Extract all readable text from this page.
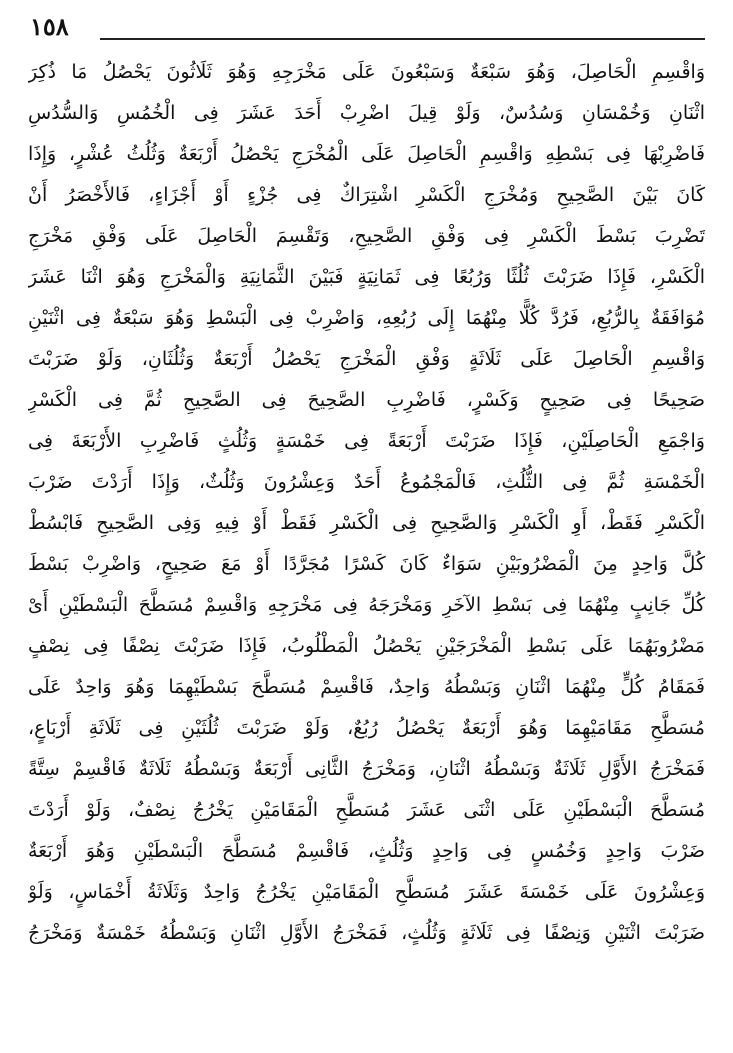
١٥٨
وَاقْسِمِ الْحَاصِلَ، وَهُوَ سَبْعَةٌ وَسَبْعُونَ عَلَى مَخْرَجِهِ وَهُوَ ثَلَاثُونَ يَحْصُلُ مَا ذُكِرَ
اثْنَانِ وَخُمْسَانِ وَسُدُسٌ، وَلَوْ قِيلَ اضْرِبْ أَحَدَ عَشَرَ فِى الْخُمُسِ وَالسُّدُسِ
فَاضْرِبْهَا فِى بَسْطِهِ وَاقْسِمِ الْحَاصِلَ عَلَى الْمُخْرَجِ يَحْصُلُ أَرْبَعَةٌ وَثُلُثُ عُشْرٍ، وَإِذَا
كَانَ بَيْنَ الصَّحِيحِ وَمُخْرَجِ الْكَسْرِ اشْتِرَاكٌ فِى جُزْءٍ أَوْ أَجْزَاءٍ، فَالأَخْصَرُ أَنْ
تَضْرِبَ بَسْطَ الْكَسْرِ فِى وَفْقِ الصَّحِيحِ، وَتَقْسِمَ الْحَاصِلَ عَلَى وَفْقِ مَخْرَجِ
الْكَسْرِ، فَإِذَا ضَرَبْتَ ثُلُثًا وَرُبُعًا فِى ثَمَانِيَةٍ فَبَيْنَ الثَّمَانِيَةِ وَالْمَخْرَجِ وَهُوَ اثْنَا عَشَرَ
مُوَافَقَةٌ بِالرُّبُعِ، فَرُدَّ كُلًّا مِنْهُمَا إِلَى رُبُعِهِ، وَاضْرِبْ فِى الْبَسْطِ وَهُوَ سَبْعَةٌ فِى اثْنَيْنِ
وَاقْسِمِ الْحَاصِلَ عَلَى ثَلَاثَةٍ وَفْقِ الْمَخْرَجِ يَحْصُلُ أَرْبَعَةٌ وَثُلُثَانِ، وَلَوْ ضَرَبْتَ
صَحِيحًا فِى صَحِيحٍ وَكَسْرٍ، فَاضْرِبِ الصَّحِيحَ فِى الصَّحِيحِ ثُمَّ فِى الْكَسْرِ
وَاجْمَعِ الْحَاصِلَيْنِ، فَإِذَا ضَرَبْتَ أَرْبَعَةً فِى خَمْسَةٍ وَثُلُثٍ فَاضْرِبِ الأَرْبَعَةَ فِى
الْخَمْسَةِ ثُمَّ فِى الثُّلُثِ، فَالْمَجْمُوعُ أَحَدٌ وَعِشْرُونَ وَثُلُثٌ، وَإِذَا أَرَدْتَ ضَرْبَ
الْكَسْرِ فَقَطْ، أَوِ الْكَسْرِ وَالصَّحِيحِ فِى الْكَسْرِ فَقَطْ أَوْ فِيهِ وَفِى الصَّحِيحِ فَابْسُطْ
كُلَّ وَاحِدٍ مِنَ الْمَضْرُوبَيْنِ سَوَاءٌ كَانَ كَسْرًا مُجَرَّدًا أَوْ مَعَ صَحِيحٍ، وَاضْرِبْ بَسْطَ
كُلِّ جَانِبٍ مِنْهُمَا فِى بَسْطِ الآخَرِ وَمَخْرَجَهُ فِى مَخْرَجِهِ وَاقْسِمْ مُسَطَّحَ الْبَسْطَيْنِ أَىْ
مَضْرُوبَهُمَا عَلَى بَسْطِ الْمَخْرَجَيْنِ يَحْصُلُ الْمَطْلُوبُ، فَإِذَا ضَرَبْتَ نِصْفًا فِى نِصْفٍ
فَمَقَامُ كُلٍّ مِنْهُمَا اثْنَانِ وَبَسْطُهُ وَاحِدٌ، فَاقْسِمْ مُسَطَّحَ بَسْطَيْهِمَا وَهُوَ وَاحِدٌ عَلَى
مُسَطَّحِ مَقَامَيْهِمَا وَهُوَ أَرْبَعَةٌ يَحْصُلُ رُبُعٌ، وَلَوْ ضَرَبْتَ ثُلُثَيْنِ فِى ثَلَاثَةِ أَرْبَاعٍ،
فَمَخْرَجُ الأَوَّلِ ثَلَاثَةٌ وَبَسْطُهُ اثْنَانِ، وَمَخْرَجُ الثَّانِى أَرْبَعَةٌ وَبَسْطُهُ ثَلَاثَةٌ فَاقْسِمْ سِتَّةً
مُسَطَّحَ الْبَسْطَيْنِ عَلَى اثْنَى عَشَرَ مُسَطَّحِ الْمَقَامَيْنِ يَخْرُجُ نِصْفٌ، وَلَوْ أَرَدْتَ
ضَرْبَ وَاحِدٍ وَخُمُسٍ فِى وَاحِدٍ وَثُلُثٍ، فَاقْسِمْ مُسَطَّحَ الْبَسْطَيْنِ وَهُوَ أَرْبَعَةٌ
وَعِشْرُونَ عَلَى خَمْسَةَ عَشَرَ مُسَطَّحِ الْمَقَامَيْنِ يَخْرُجُ وَاحِدٌ وَثَلَاثَةُ أَخْمَاسٍ، وَلَوْ
ضَرَبْتَ اثْنَيْنِ وَنِصْفًا فِى ثَلَاثَةٍ وَثُلُثٍ، فَمَخْرَجُ الأَوَّلِ اثْنَانِ وَبَسْطُهُ خَمْسَةٌ وَمَخْرَجُ
